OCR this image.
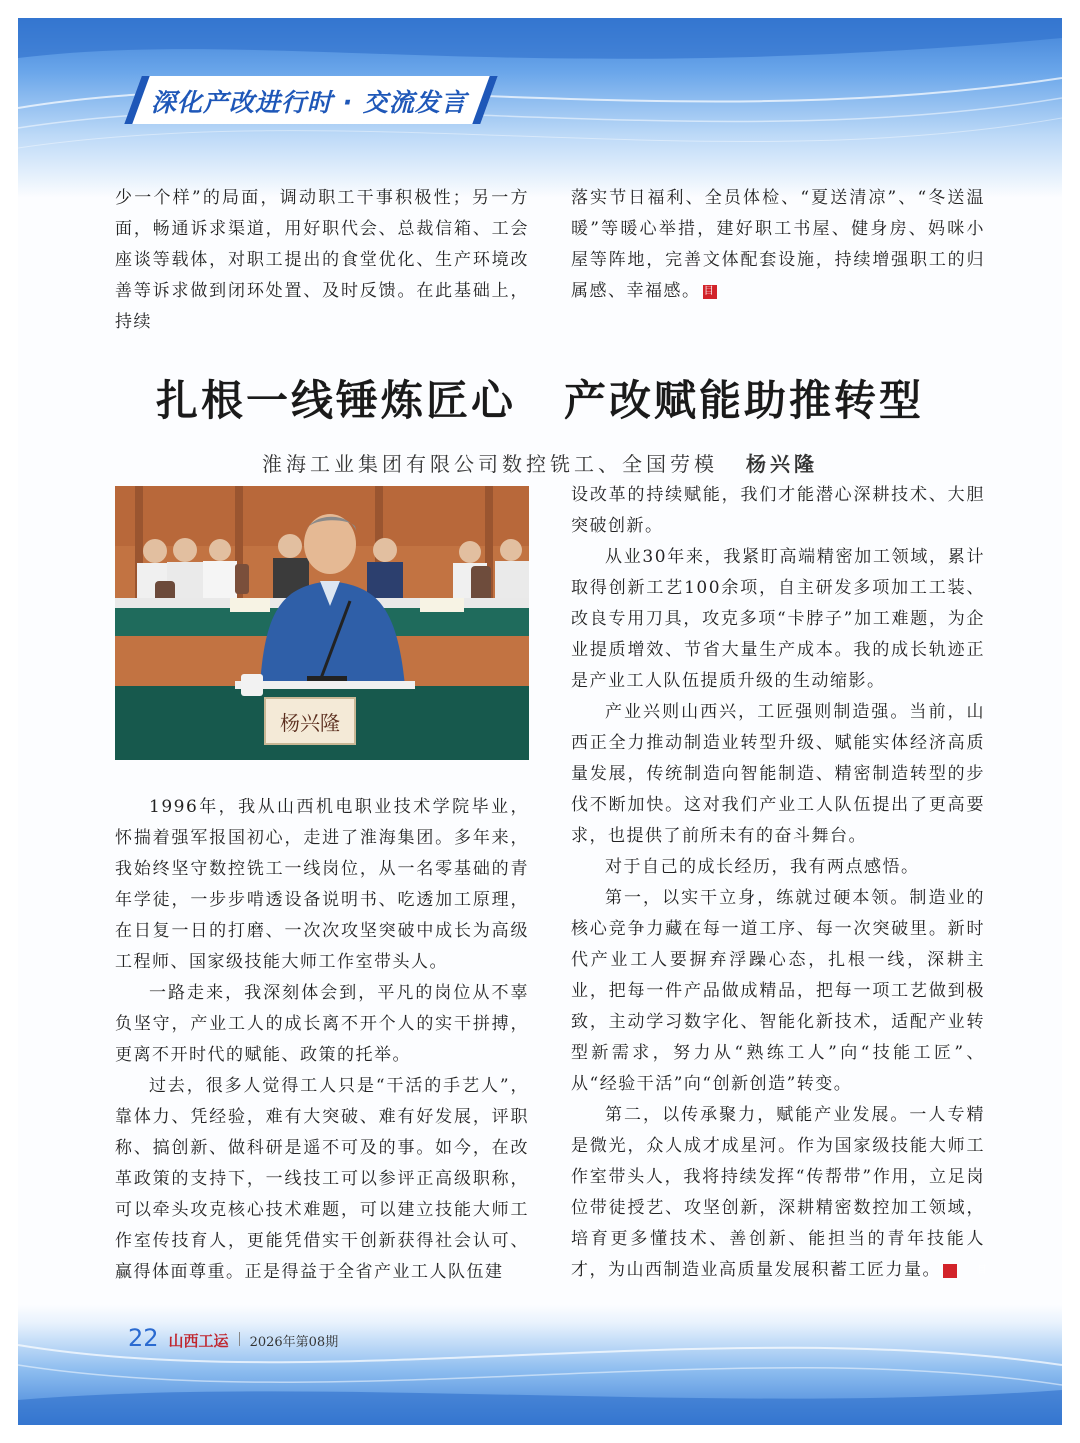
深化产改进行时 · 交流发言

少一个样”的局面，调动职工干事积极性；另一方面，畅通诉求渠道，用好职代会、总裁信箱、工会座谈等载体，对职工提出的食堂优化、生产环境改善等诉求做到闭环处置、及时反馈。在此基础上，持续

落实节日福利、全员体检、“夏送清凉”、“冬送温暖”等暖心举措，建好职工书屋、健身房、妈咪小屋等阵地，完善文体配套设施，持续增强职工的归属感、幸福感。 目

扎根一线锤炼匠心 产改赋能助推转型
淮海工业集团有限公司数控铣工、全国劳模 杨兴隆
杨兴隆

1996年，我从山西机电职业技术学院毕业，怀揣着强军报国初心，走进了淮海集团。多年来，我始终坚守数控铣工一线岗位，从一名零基础的青年学徒，一步步啃透设备说明书、吃透加工原理，在日复一日的打磨、一次次攻坚突破中成长为高级工程师、国家级技能大师工作室带头人。

一路走来，我深刻体会到，平凡的岗位从不辜负坚守，产业工人的成长离不开个人的实干拼搏，更离不开时代的赋能、政策的托举。

过去，很多人觉得工人只是“干活的手艺人”，靠体力、凭经验，难有大突破、难有好发展，评职称、搞创新、做科研是遥不可及的事。如今，在改革政策的支持下，一线技工可以参评正高级职称，可以牵头攻克核心技术难题，可以建立技能大师工作室传技育人，更能凭借实干创新获得社会认可、赢得体面尊重。正是得益于全省产业工人队伍建

设改革的持续赋能，我们才能潜心深耕技术、大胆突破创新。

从业30年来，我紧盯高端精密加工领域，累计取得创新工艺100余项，自主研发多项加工工装、改良专用刀具，攻克多项“卡脖子”加工难题，为企业提质增效、节省大量生产成本。我的成长轨迹正是产业工人队伍提质升级的生动缩影。

产业兴则山西兴，工匠强则制造强。当前，山西正全力推动制造业转型升级、赋能实体经济高质量发展，传统制造向智能制造、精密制造转型的步伐不断加快。这对我们产业工人队伍提出了更高要求，也提供了前所未有的奋斗舞台。

对于自己的成长经历，我有两点感悟。

第一，以实干立身，练就过硬本领。制造业的核心竞争力藏在每一道工序、每一次突破里。新时代产业工人要摒弃浮躁心态，扎根一线，深耕主业，把每一件产品做成精品，把每一项工艺做到极致，主动学习数字化、智能化新技术，适配产业转型新需求，努力从“熟练工人”向“技能工匠”、从“经验干活”向“创新创造”转变。

第二，以传承聚力，赋能产业发展。一人专精是微光，众人成才成星河。作为国家级技能大师工作室带头人，我将持续发挥“传帮带”作用，立足岗位带徒授艺、攻坚创新，深耕精密数控加工领域，培育更多懂技术、善创新、能担当的青年技能人才，为山西制造业高质量发展积蓄工匠力量。	目

22 山西工运 2026年第08期
